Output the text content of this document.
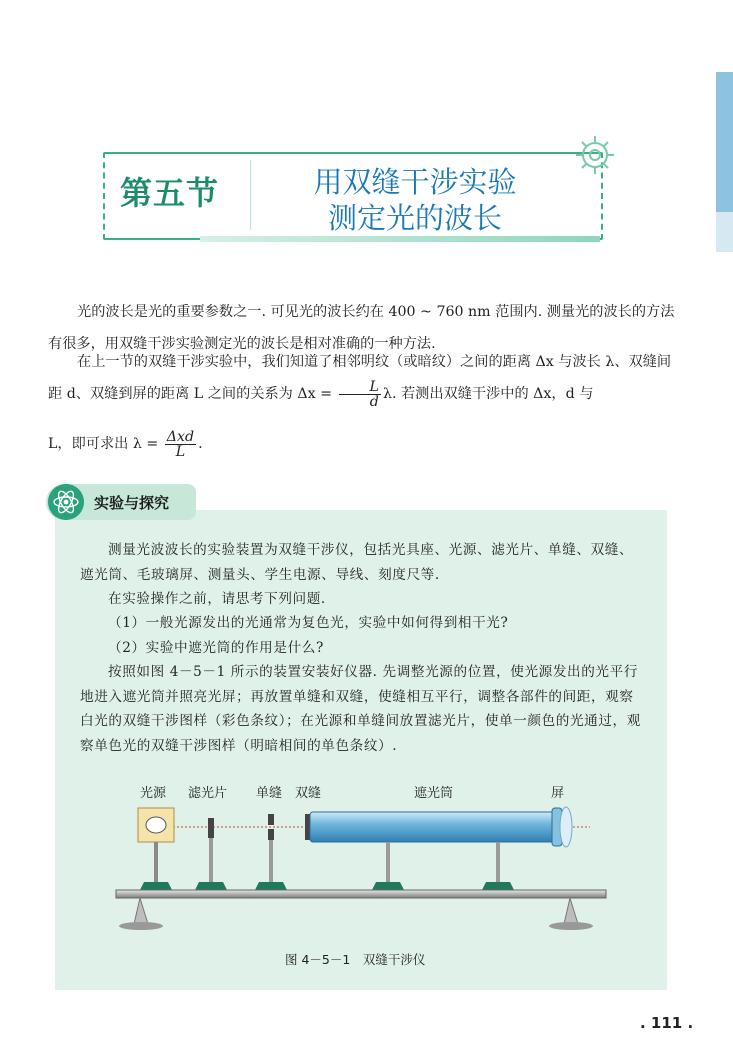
第五节	用双缝干涉实验
测定光的波长
光的波长是光的重要参数之一. 可见光的波长约在 400 ~ 760 nm 范围内. 测量光的波长的方法有很多，用双缝干涉实验测定光的波长是相对准确的一种方法.
在上一节的双缝干涉实验中，我们知道了相邻明纹（或暗纹）之间的距离 Δx 与波长 λ、双缝间距 d、双缝到屏的距离 L 之间的关系为 $\Delta x = \frac{L}{d} \lambda$. 若测出双缝干涉中的 Δx，d 与
L，即可求出 $\lambda = \frac{\text{Δxd}}{L}$ .
实验与探究
测量光波波长的实验装置为双缝干涉仪，包括光具座、光源、滤光片、单缝、双缝、遮光筒、毛玻璃屏、测量头、学生电源、导线、刻度尺等.
在实验操作之前，请思考下列问题.
（1）一般光源发出的光通常为复色光，实验中如何得到相干光?
（2）实验中遮光筒的作用是什么?
按照如图 4－5－1 所示的装置安装好仪器. 先调整光源的位置，使光源发出的光平行地进入遮光筒并照亮光屏；再放置单缝和双缝，使缝相互平行，调整各部件的间距，观察白光的双缝干涉图样（彩色条纹）；在光源和单缝间放置滤光片，使单一颜色的光通过，观察单色光的双缝干涉图样（明暗相间的单色条纹）.
光源 滤光片 单缝 双缝	遮光筒	屏
图 4－5－1　双缝干涉仪
. 111 .
